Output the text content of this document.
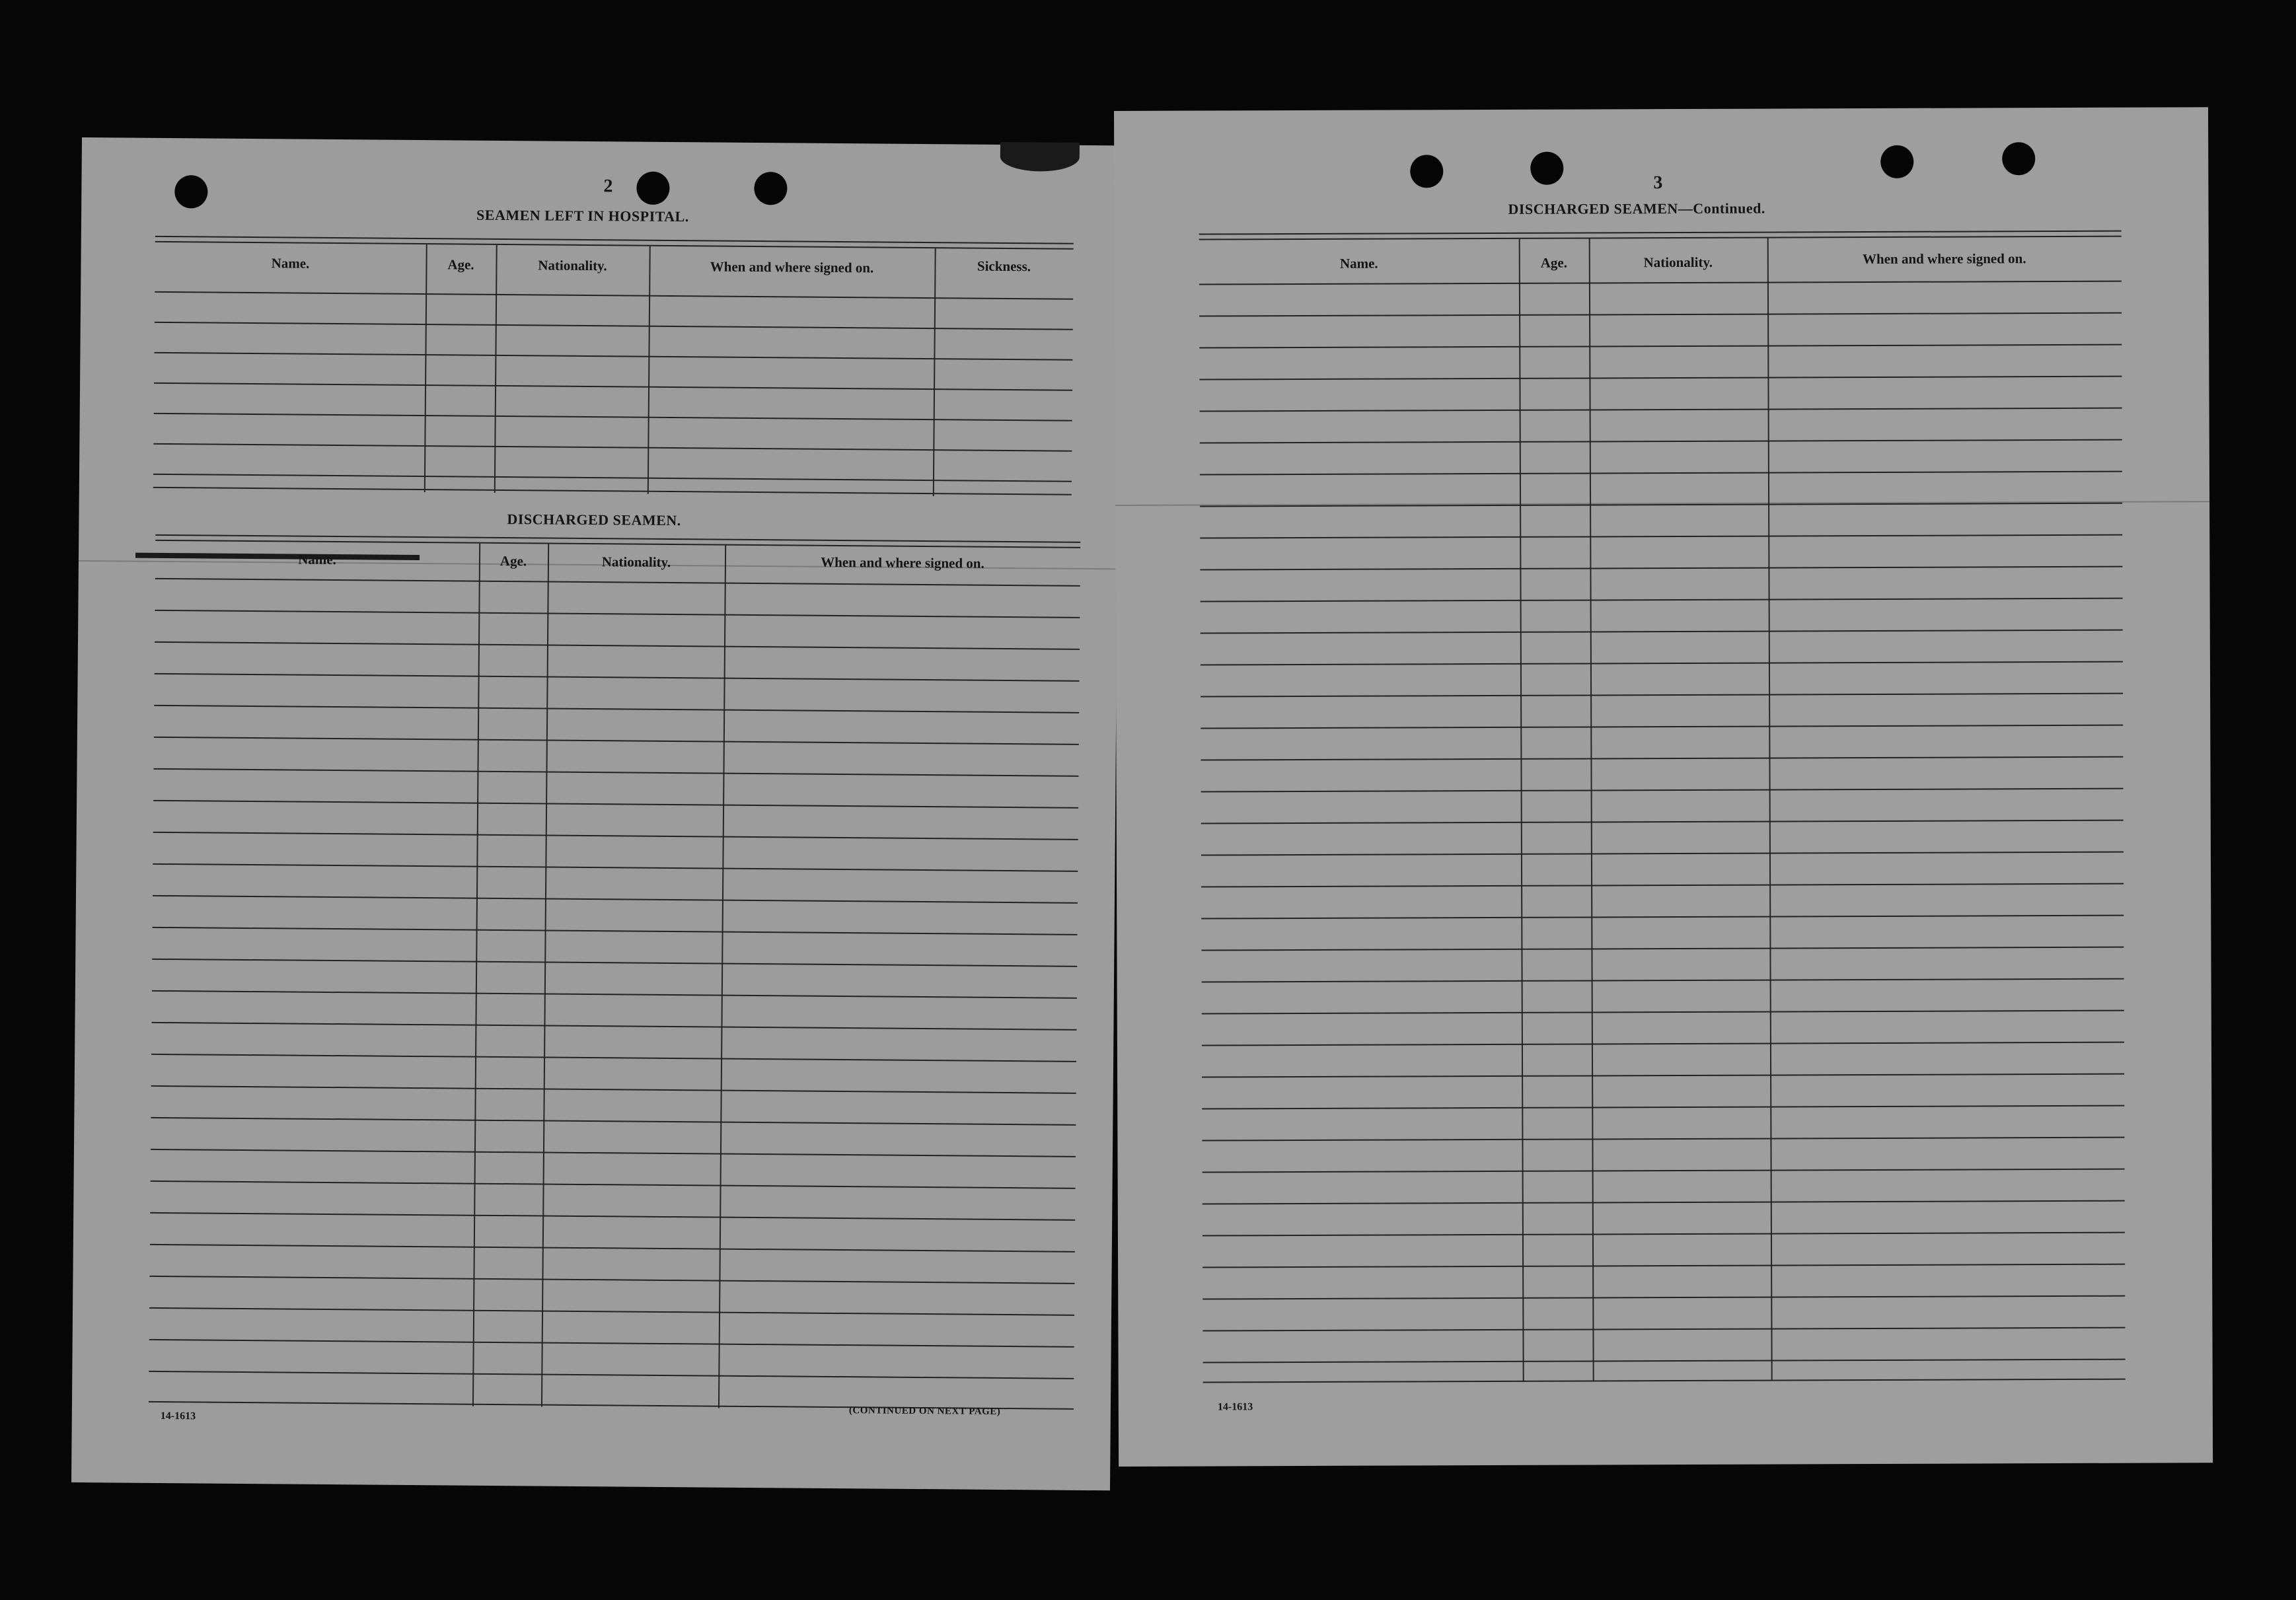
2
SEAMEN LEFT IN HOSPITAL.
Name.	Age.	Nationality.	When and where signed on.	Sickness.
DISCHARGED SEAMEN.
Name.	Age.	Nationality.	When and where signed on.
14-1613	(CONTINUED ON NEXT PAGE)
3
DISCHARGED SEAMEN—Continued.
Name.	Age.	Nationality.	When and where signed on.
14-1613
